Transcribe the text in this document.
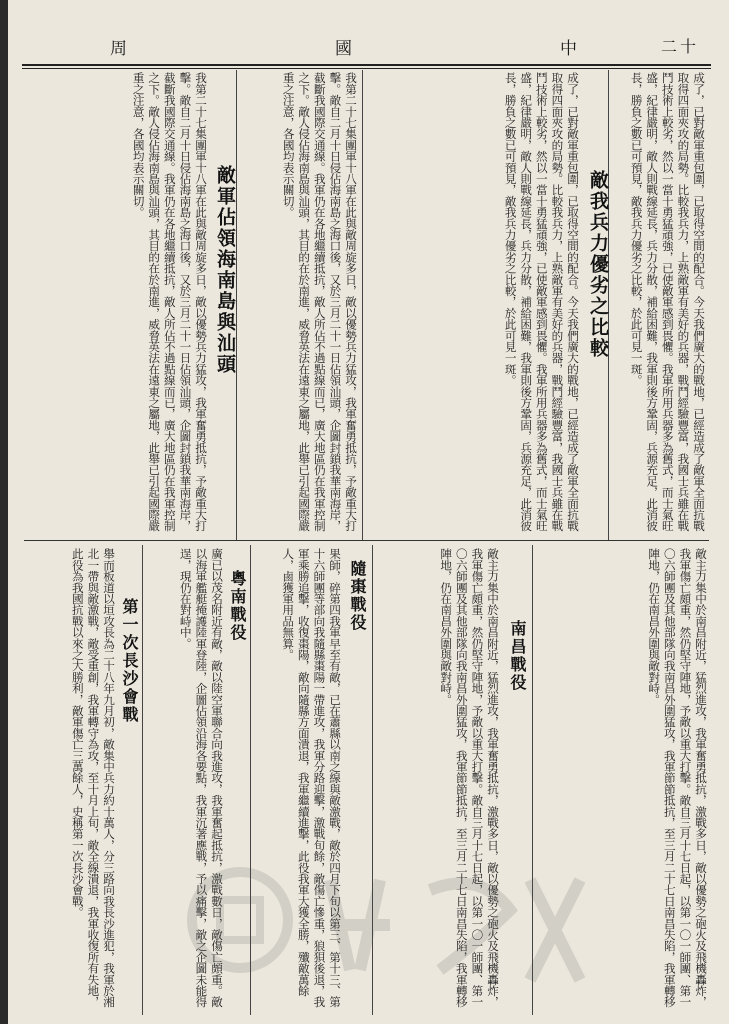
周	國	中	二十
敵我兵力優劣之比較	成了，已對敵軍重包圍，已取得空間的配合。今天我們廣大的戰地，已經造成了敵軍全面抗戰取得四面夾攻的局勢。比較我兵力，上熟敵軍有美好的兵器，戰鬥經驗豐富，我國士兵雖在戰鬥技術上較劣，然以一當十勇猛頑強，已使敵軍感到畏懼。我軍所用兵器多為舊式，而士氣旺盛，紀律嚴明，敵人則戰線延長，兵力分散，補給困難，我軍則後方鞏固，兵源充足，此消彼長，勝負之數已可預見，敵我兵力優劣之比較，於此可見一斑。
成了，已對敵軍重包圍，已取得空間的配合。今天我們廣大的戰地，已經造成了敵軍全面抗戰取得四面夾攻的局勢。比較我兵力，上熟敵軍有美好的兵器，戰鬥經驗豐富，我國士兵雖在戰鬥技術上較劣，然以一當十勇猛頑強，已使敵軍感到畏懼。我軍所用兵器多為舊式，而士氣旺盛，紀律嚴明，敵人則戰線延長，兵力分散，補給困難，我軍則後方鞏固，兵源充足，此消彼長，勝負之數已可預見，敵我兵力優劣之比較，於此可見一斑。
敵軍佔領海南島與汕頭	我第二十七集團軍十八軍在此與敵周旋多日，敵以優勢兵力猛攻，我軍奮勇抵抗，予敵重大打擊。敵自二月十日侵佔海南島之海口後，又於三月二十一日佔領汕頭，企圖封鎖我華南海岸，截斷我國際交通線。我軍仍在各地繼續抵抗，敵人所佔不過點線而已，廣大地區仍在我軍控制之下。敵人侵佔海南島與汕頭，其目的在於南進，威脅英法在遠東之屬地，此舉已引起國際嚴重之注意，各國均表示關切。
我第二十七集團軍十八軍在此與敵周旋多日，敵以優勢兵力猛攻，我軍奮勇抵抗，予敵重大打擊。敵自二月十日侵佔海南島之海口後，又於三月二十一日佔領汕頭，企圖封鎖我華南海岸，截斷我國際交通線。我軍仍在各地繼續抵抗，敵人所佔不過點線而已，廣大地區仍在我軍控制之下。敵人侵佔海南島與汕頭，其目的在於南進，威脅英法在遠東之屬地，此舉已引起國際嚴重之注意，各國均表示關切。
南昌戰役	敵主力集中於南昌附近，猛烈進攻，我軍奮勇抵抗，激戰多日，敵以優勢之砲火及飛機轟炸，我軍傷亡頗重，然仍堅守陣地，予敵以重大打擊。敵自三月十七日起，以第一〇一師團、第一〇六師團及其他部隊向我南昌外圍猛攻，我軍節節抵抗，至三月二十七日南昌失陷，我軍轉移陣地，仍在南昌外圍與敵對峙。
敵主力集中於南昌附近，猛烈進攻，我軍奮勇抵抗，激戰多日，敵以優勢之砲火及飛機轟炸，我軍傷亡頗重，然仍堅守陣地，予敵以重大打擊。敵自三月十七日起，以第一〇一師團、第一〇六師團及其他部隊向我南昌外圍猛攻，我軍節節抵抗，至三月二十七日南昌失陷，我軍轉移陣地，仍在南昌外圍與敵對峙。
隨棗戰役
果師，碎第四我軍早至有敵，已在蕭縣以南之線與敵激戰，敵於四月下旬以第三、第十三、第十六師團等部向我隨縣棗陽一帶進攻，我軍分路迎擊，激戰旬餘，敵傷亡慘重，狼狽後退，我軍乘勝追擊，收復棗陽，敵向隨縣方面潰退，我軍繼續進擊，此役我軍大獲全勝，殲敵萬餘人，鹵獲軍用品無算。
粵南戰役
廣已以茂名附近有敵，敵以陸空軍聯合向我進攻，我軍奮起抵抗，激戰數日，敵傷亡頗重。敵以海軍艦艇掩護陸軍登陸，企圖佔領沿海各要點，我軍沉著應戰，予以痛擊，敵之企圖未能得逞，現仍在對峙中。
第一次長沙會戰
舉而板道以垣攻長為二十八年九月初，敵集中兵力約十萬人，分三路向我長沙進犯，我軍於湘北一帶與敵激戰，敵受重創，我軍轉守為攻，至十月上旬，敵全線潰退，我軍收復所有失地，此役為我國抗戰以來之大勝利，敵軍傷亡三萬餘人，史稱第一次長沙會戰。
